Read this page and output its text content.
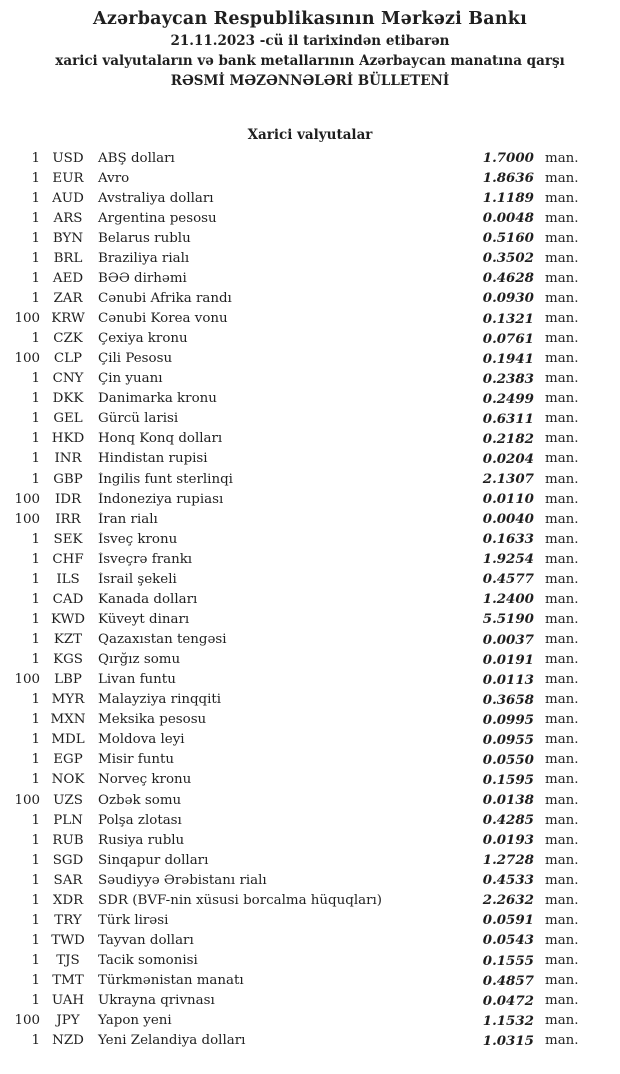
Azərbaycan Respublikasının Mərkəzi Bankı
21.11.2023 -cü il tarixindən etibarən
xarici valyutaların və bank metallarının Azərbaycan manatına qarşı
RƏSMİ MƏZƏNNƏLƏRİ BÜLLETENİ
Xarici valyutalar
1 USD	ABŞ dolları	1.7000 man.
1 EUR	Avro	1.8636 man.
1 AUD	Avstraliya dolları	1.1189 man.
1	ARS	Argentina pesosu	0.0048 man.
1 BYN	Belarus rublu	0.5160 man.
1	BRL	Braziliya rialı	0.3502 man.
1 AED	BƏƏ dirhəmi	0.4628 man.
1	ZAR	Cənubi Afrika randı	0.0930 man.
100 KRW Cənubi Korea vonu	0.1321 man.
1 CZK	Çexiya kronu	0.0761 man.
100	CLP	Çili Pesosu	0.1941 man.
1 CNY	Çin yuanı	0.2383 man.
1 DKK	Danimarka kronu	0.2499 man.
1 GEL	Gürcü larisi	0.6311 man.
1 HKD	Honq Konq dolları	0.2182 man.
1	INR	Hindistan rupisi	0.0204 man.
1 GBP	İngilis funt sterlinqi	2.1307 man.
100	IDR	İndoneziya rupiası	0.0110 man.
100	IRR	İran rialı	0.0040 man.
1	SEK	İsveç kronu	0.1633 man.
1 CHF	İsveçrə frankı	1.9254 man.
1	ILS	İsrail şekeli	0.4577 man.
1 CAD	Kanada dolları	1.2400 man.
1 KWD Küveyt dinarı	5.5190 man.
1	KZT	Qazaxıstan tengəsi	0.0037 man.
1 KGS	Qırğız somu	0.0191 man.
100	LBP	Livan funtu	0.0113 man.
1 MYR	Malayziya rinqqiti	0.3658 man.
1 MXN Meksika pesosu	0.0995 man.
1 MDL Moldova leyi	0.0955 man.
1 EGP	Misir funtu	0.0550 man.
1 NOK	Norveç kronu	0.1595 man.
100 UZS	Özbək somu	0.0138 man.
1 PLN	Polşa zlotası	0.4285 man.
1 RUB	Rusiya rublu	0.0193 man.
1 SGD	Sinqapur dolları	1.2728 man.
1	SAR	Səudiyyə Ərəbistanı rialı	0.4533 man.
1 XDR	SDR (BVF-nin xüsusi borcalma hüquqları)	2.2632 man.
1	TRY	Türk lirəsi	0.0591 man.
1 TWD Tayvan dolları	0.0543 man.
1	TJS	Tacik somonisi	0.1555 man.
1 TMT	Türkmənistan manatı	0.4857 man.
1 UAH	Ukrayna qrivnası	0.0472 man.
100	JPY	Yapon yeni	1.1532 man.
1 NZD	Yeni Zelandiya dolları	1.0315 man.
